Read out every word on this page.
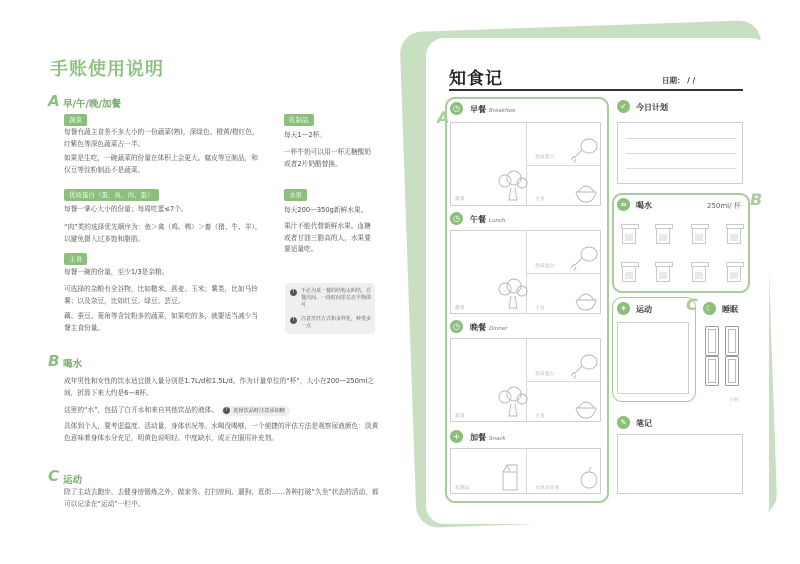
手账使用说明
A 早/午/晚/加餐
蔬菜
每餐有蔬主食差不多大小的一份蔬菜(熟)，深绿色、橙黄/橙红色，红紫色等深色蔬菜占一半。
如果是生吃，一碗蔬菜的份量在体积上会更大。腐皮等豆制品，和仅豆等淀粉制品不是蔬菜。
优质蛋白（蛋、鱼、肉、蛋）
每餐一掌心大小的份量；每周吃蛋≤7个。
“肉”类的选择优先顺序为：鱼＞禽（鸡、鸭）＞畜（猪、牛、羊），以避免摄入过多饱和脂肪。
主食
每餐一碗的份量，至少1/3是杂粮。
可选择的杂粮有全谷物，比如糙米、燕麦、玉米；薯类，比如马铃薯；以及杂豆，比如红豆、绿豆、芸豆。
藕、蚕豆、菱角等含淀粉多的蔬菜，如果吃的多，就要适当减少当餐主食份量。
乳制品
每天1—2杯。
一杯牛奶可以用一杯无糖酸奶或者2片奶酪替换。
水果
每天200—350g新鲜水果。
果汁不能代替新鲜水果。血糖或者甘油三脂高的人，水果要要适量吃。
!	不必为某一餐的结构太纠结，吾餐次间、一段时间里总态平衡即可
!	注意烹饪方式和多样化，种类多一点
B 喝水
成年男性和女性的饮水适宜摄入量分别是1.7L/d和1.5L/d。作为计量单位的“杯”，大小在200—250ml之间，折算下来大约是6—8杯。
这里的“水”，包括了白开水和来自其他饮品的液体。 ! 选择饮品时注意添加糖
具体到个人，要考虑温度、活动量、身体状况等。水喝没喝够，一个便捷的评估方法是观察尿液颜色：淡黄色意味着身体水分充足，明黄色说明轻、中度缺水，或正在服用补充剂。
C 运动
除了主动去跑步、去健身房锻炼之外，做家务、打扫房间、遛狗、逛街……各种打破“久坐”状态的活动，都可以记录在“运动”一栏中。
知食记	日期： / /
A ◷	早餐 Breakfast
优质蛋白
蔬菜	主食
◷	午餐 Lunch
优质蛋白
蔬菜	主食
◷	晚餐 Dinner
优质蛋白
蔬菜	主食
+	加餐 Snack
乳制品	水果及其他
✓	今日计划
B
≈	喝水	250ml/ 杯
C
✦	运动	☾	睡眠
小时
✎	笔记
